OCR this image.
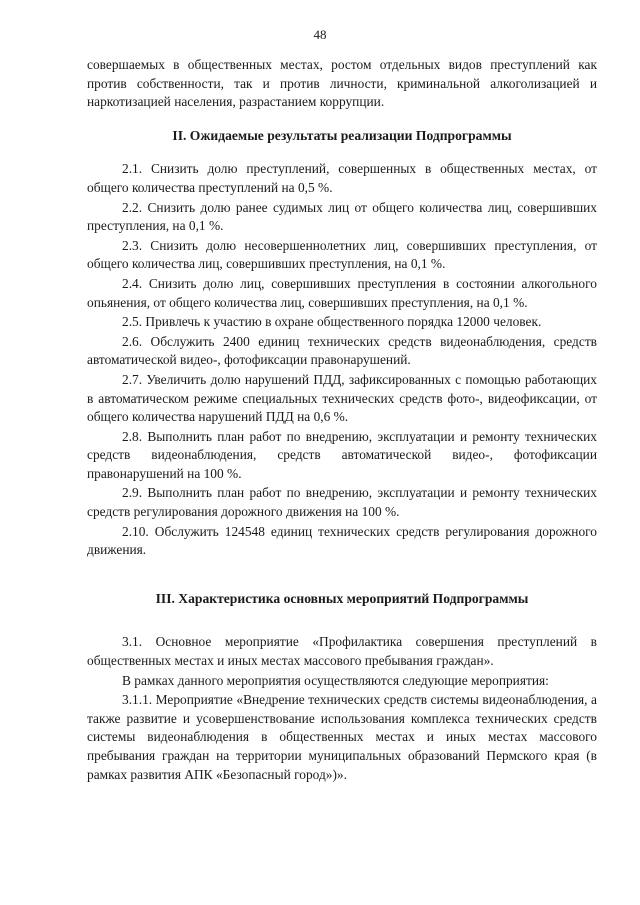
48

совершаемых в общественных местах, ростом отдельных видов преступлений как против собственности, так и против личности, криминальной алкоголизацией и наркотизацией населения, разрастанием коррупции.

II. Ожидаемые результаты реализации Подпрограммы

2.1. Снизить долю преступлений, совершенных в общественных местах, от общего количества преступлений на 0,5 %.

2.2. Снизить долю ранее судимых лиц от общего количества лиц, совершивших преступления, на 0,1 %.

2.3. Снизить долю несовершеннолетних лиц, совершивших преступления, от общего количества лиц, совершивших преступления, на 0,1 %.

2.4. Снизить долю лиц, совершивших преступления в состоянии алкогольного опьянения, от общего количества лиц, совершивших преступления, на 0,1 %.

2.5. Привлечь к участию в охране общественного порядка 12000 человек.

2.6. Обслужить 2400 единиц технических средств видеонаблюдения, средств автоматической видео-, фотофиксации правонарушений.

2.7. Увеличить долю нарушений ПДД, зафиксированных с помощью работающих в автоматическом режиме специальных технических средств фото-, видеофиксации, от общего количества нарушений ПДД на 0,6 %.

2.8. Выполнить план работ по внедрению, эксплуатации и ремонту технических средств видеонаблюдения, средств автоматической видео-, фотофиксации правонарушений на 100 %.

2.9. Выполнить план работ по внедрению, эксплуатации и ремонту технических средств регулирования дорожного движения на 100 %.

2.10. Обслужить 124548 единиц технических средств регулирования дорожного движения.

III. Характеристика основных мероприятий Подпрограммы

3.1. Основное мероприятие «Профилактика совершения преступлений в общественных местах и иных местах массового пребывания граждан».

В рамках данного мероприятия осуществляются следующие мероприятия:

3.1.1. Мероприятие «Внедрение технических средств системы видеонаблюдения, а также развитие и усовершенствование использования комплекса технических средств системы видеонаблюдения в общественных местах и иных местах массового пребывания граждан на территории муниципальных образований Пермского края (в рамках развития АПК «Безопасный город»)».
